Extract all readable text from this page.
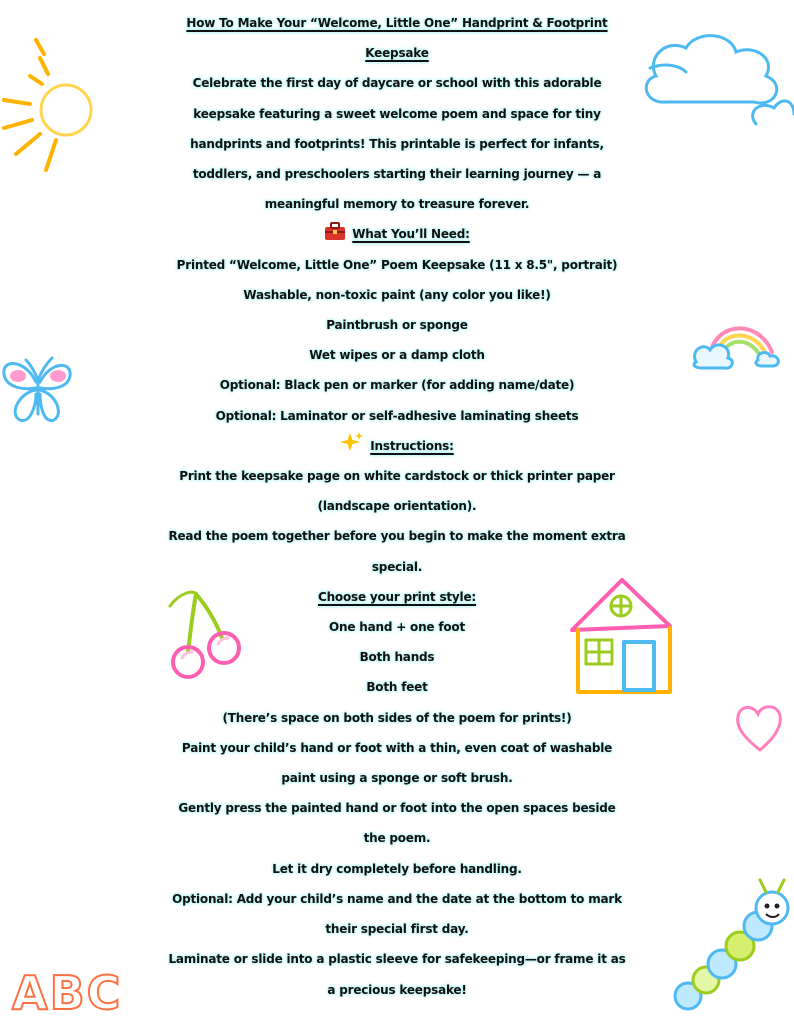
ABC

How To Make Your “Welcome, Little One” Handprint & Footprint

Keepsake

Celebrate the first day of daycare or school with this adorable

keepsake featuring a sweet welcome poem and space for tiny

handprints and footprints! This printable is perfect for infants,

toddlers, and preschoolers starting their learning journey — a

meaningful memory to treasure forever.

What You’ll Need:

Printed “Welcome, Little One” Poem Keepsake (11 x 8.5", portrait)

Washable, non-toxic paint (any color you like!)

Paintbrush or sponge

Wet wipes or a damp cloth

Optional: Black pen or marker (for adding name/date)

Optional: Laminator or self-adhesive laminating sheets

Instructions:

Print the keepsake page on white cardstock or thick printer paper

(landscape orientation).

Read the poem together before you begin to make the moment extra

special.

Choose your print style:

One hand + one foot

Both hands

Both feet

(There’s space on both sides of the poem for prints!)

Paint your child’s hand or foot with a thin, even coat of washable

paint using a sponge or soft brush.

Gently press the painted hand or foot into the open spaces beside

the poem.

Let it dry completely before handling.

Optional: Add your child’s name and the date at the bottom to mark

their special first day.

Laminate or slide into a plastic sleeve for safekeeping—or frame it as

a precious keepsake!
